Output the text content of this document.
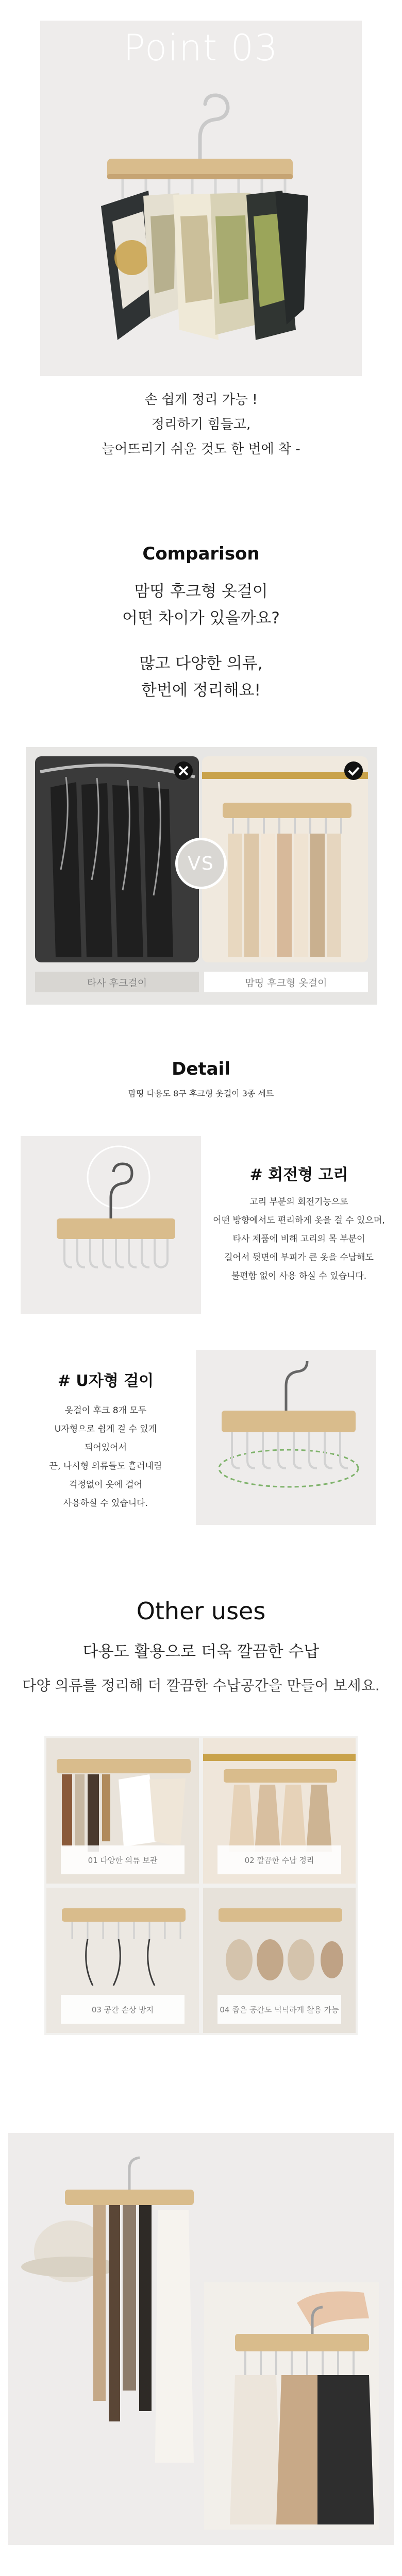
Point 03
손 쉽게 정리 가능 !
정리하기 힘들고,
늘어뜨리기 쉬운 것도 한 번에 착 -
Comparison
맘띵 후크형 옷걸이
어떤 차이가 있을까요?
많고 다양한 의류,
한번에 정리해요!
VS
타사 후크걸이	맘띵 후크형 옷걸이
Detail
맘띵 다용도 8구 후크형 옷걸이 3종 세트
# 회전형 고리
고리 부분의 회전기능으로
어떤 방향에서도 편리하게 옷을 걸 수 있으며,
타사 제품에 비해 고리의 목 부분이
길어서 뒷면에 부피가 큰 옷을 수납해도
불편함 없이 사용 하실 수 있습니다.
# U자형 걸이
옷걸이 후크 8개 모두
U자형으로 쉽게 걸 수 있게
되어있어서
끈, 나시형 의류들도 흘러내림
걱정없이 옷에 걸어
사용하실 수 있습니다.
Other uses
다용도 활용으로 더욱 깔끔한 수납
다양 의류를 정리해 더 깔끔한 수납공간을 만들어 보세요.
01 다양한 의류 보관	02 깔끔한 수납 정리
03 공간 손상 방지	04 좁은 공간도 넉넉하게 활용 가능
